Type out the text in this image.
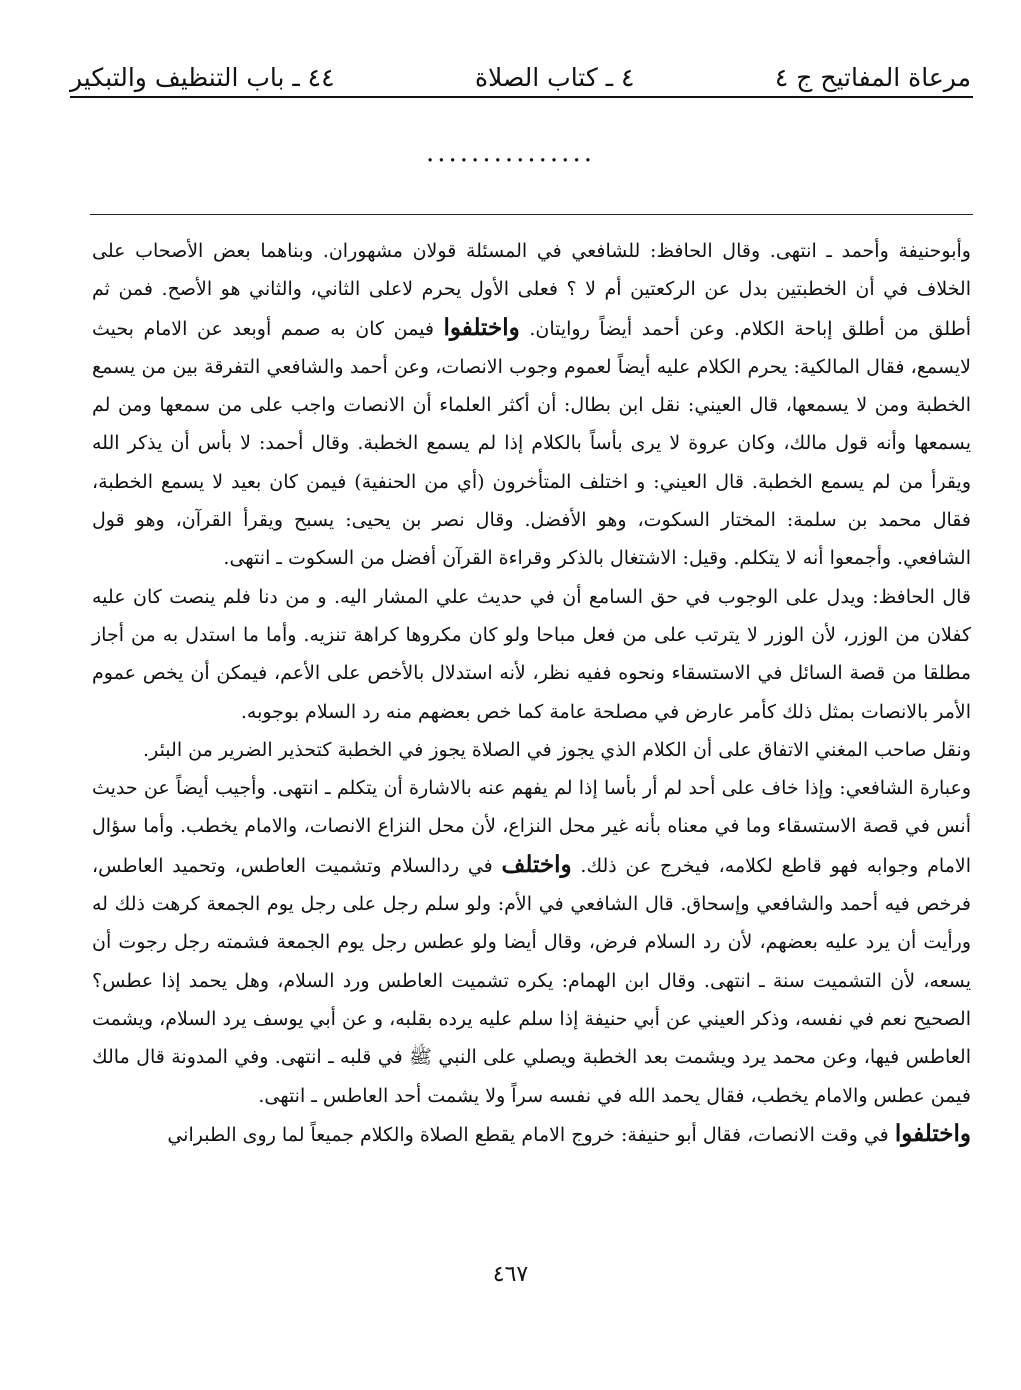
مرعاة المفاتيح ج ٤
٤ ـ كتاب الصلاة
٤٤ ـ باب التنظيف والتبكير
...............

وأبوحنيفة وأحمد ـ انتهى. وقال الحافظ: للشافعي في المسئلة قولان مشهوران. وبناهما بعض الأصحاب على الخلاف في أن الخطبتين بدل عن الركعتين أم لا ؟ فعلى الأول يحرم لاعلى الثاني، والثاني هو الأصح. فمن ثم أطلق من أطلق إباحة الكلام. وعن أحمد أيضاً روايتان. واختلفوا فيمن كان به صمم أوبعد عن الامام بحيث لايسمع، فقال المالكية: يحرم الكلام عليه أيضاً لعموم وجوب الانصات، وعن أحمد والشافعي التفرقة بين من يسمع الخطبة ومن لا يسمعها، قال العيني: نقل ابن بطال: أن أكثر العلماء أن الانصات واجب على من سمعها ومن لم يسمعها وأنه قول مالك، وكان عروة لا يرى بأساً بالكلام إذا لم يسمع الخطبة. وقال أحمد: لا بأس أن يذكر الله ويقرأ من لم يسمع الخطبة. قال العيني: و اختلف المتأخرون (أي من الحنفية) فيمن كان بعيد لا يسمع الخطبة، فقال محمد بن سلمة: المختار السكوت، وهو الأفضل. وقال نصر بن يحيى: يسبح ويقرأ القرآن، وهو قول الشافعي. وأجمعوا أنه لا يتكلم. وقيل: الاشتغال بالذكر وقراءة القرآن أفضل من السكوت ـ انتهى.

قال الحافظ: ويدل على الوجوب في حق السامع أن في حديث علي المشار اليه. و من دنا فلم ينصت كان عليه كفلان من الوزر، لأن الوزر لا يترتب على من فعل مباحا ولو كان مكروها كراهة تنزيه. وأما ما استدل به من أجاز مطلقا من قصة السائل في الاستسقاء ونحوه ففيه نظر، لأنه استدلال بالأخص على الأعم، فيمكن أن يخص عموم الأمر بالانصات بمثل ذلك كأمر عارض في مصلحة عامة كما خص بعضهم منه رد السلام بوجوبه.

ونقل صاحب المغني الاتفاق على أن الكلام الذي يجوز في الصلاة يجوز في الخطبة كتحذير الضرير من البئر.

وعبارة الشافعي: وإذا خاف على أحد لم أر بأسا إذا لم يفهم عنه بالاشارة أن يتكلم ـ انتهى. وأجيب أيضاً عن حديث أنس في قصة الاستسقاء وما في معناه بأنه غير محل النزاع، لأن محل النزاع الانصات، والامام يخطب. وأما سؤال الامام وجوابه فهو قاطع لكلامه، فيخرج عن ذلك. واختلف في ردالسلام وتشميت العاطس، وتحميد العاطس، فرخص فيه أحمد والشافعي وإسحاق. قال الشافعي في الأم: ولو سلم رجل على رجل يوم الجمعة كرهت ذلك له ورأيت أن يرد عليه بعضهم، لأن رد السلام فرض، وقال أيضا ولو عطس رجل يوم الجمعة فشمته رجل رجوت أن يسعه، لأن التشميت سنة ـ انتهى. وقال ابن الهمام: يكره تشميت العاطس ورد السلام، وهل يحمد إذا عطس؟ الصحيح نعم في نفسه، وذكر العيني عن أبي حنيفة إذا سلم عليه يرده بقلبه، و عن أبي يوسف يرد السلام، ويشمت العاطس فيها، وعن محمد يرد ويشمت بعد الخطبة ويصلي على النبي ﷺ في قلبه ـ انتهى. وفي المدونة قال مالك فيمن عطس والامام يخطب، فقال يحمد الله في نفسه سراً ولا يشمت أحد العاطس ـ انتهى.

واختلفوا في وقت الانصات، فقال أبو حنيفة: خروج الامام يقطع الصلاة والكلام جميعاً لما روى الطبراني

٤٦٧
